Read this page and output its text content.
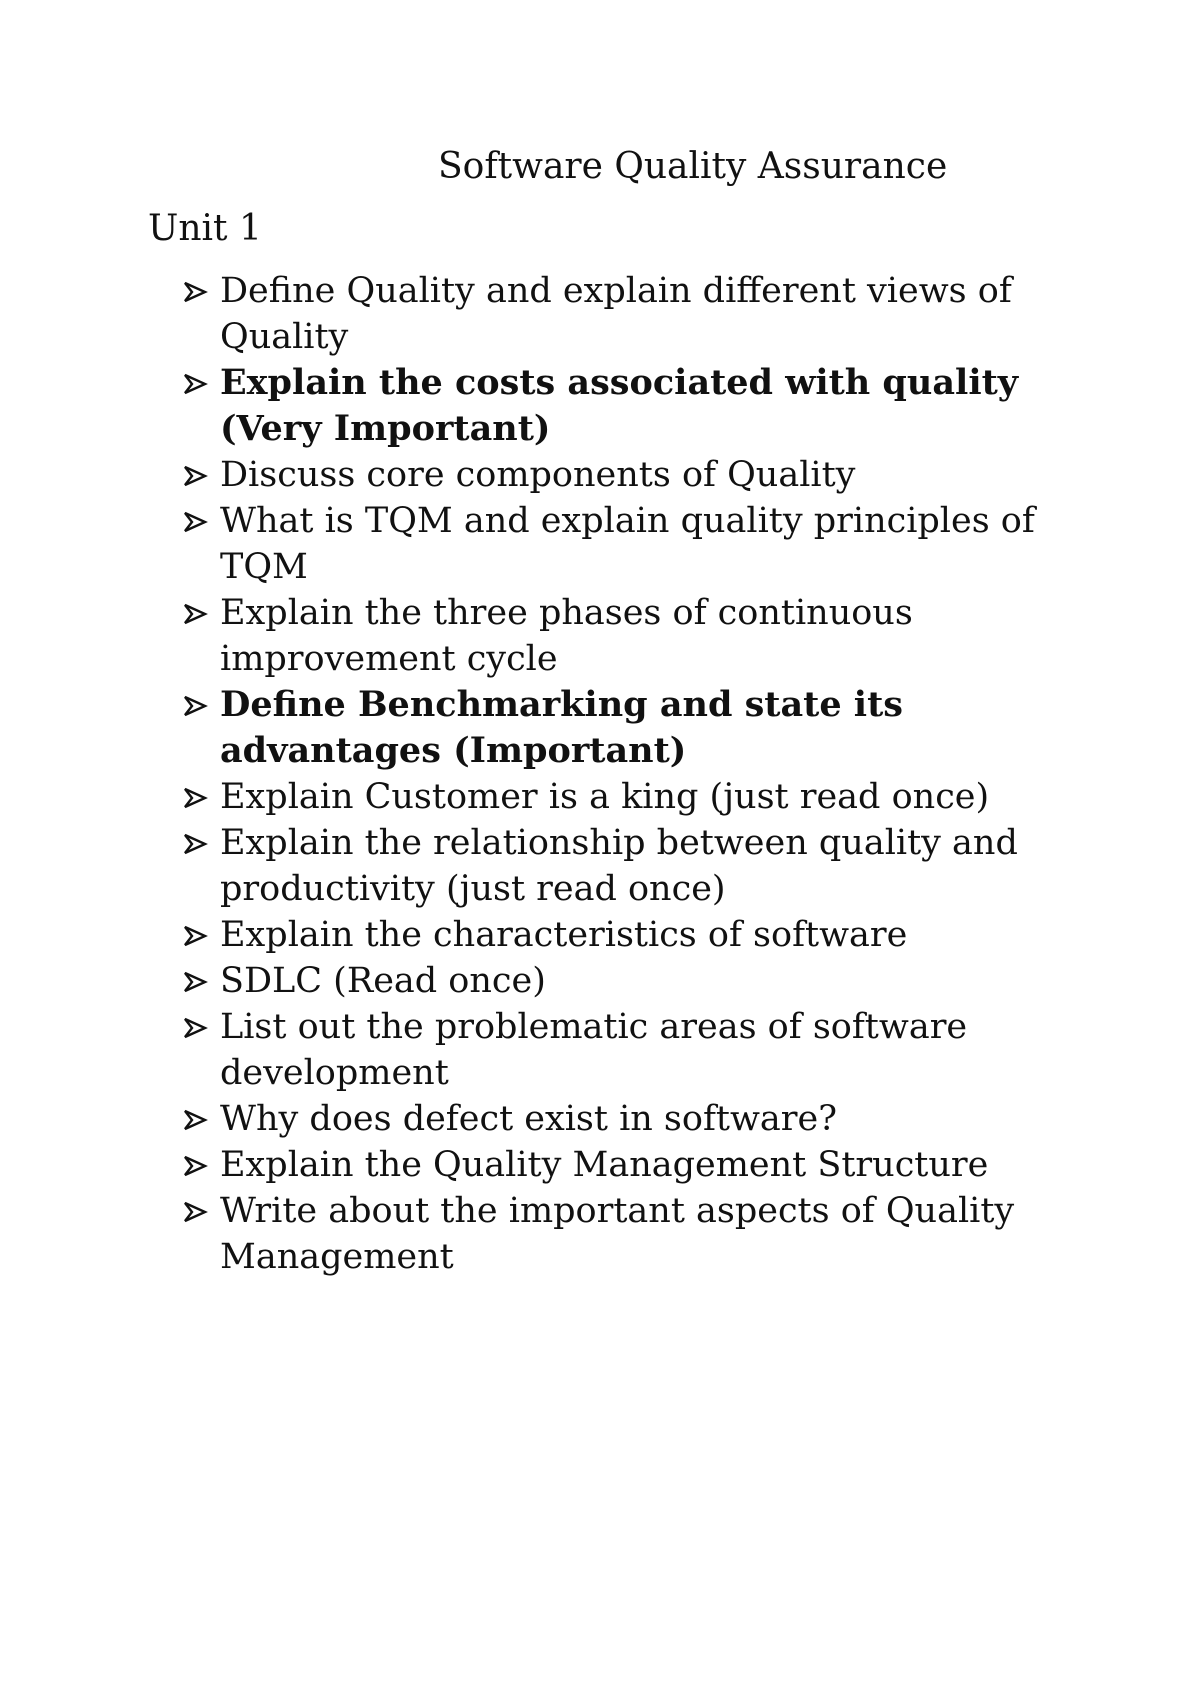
Software Quality Assurance
Unit 1
Define Quality and explain different views of Quality
Explain the costs associated with quality (Very Important)
Discuss core components of Quality
What is TQM and explain quality principles of TQM
Explain the three phases of continuous improvement cycle
Define Benchmarking and state its advantages (Important)
Explain Customer is a king (just read once)
Explain the relationship between quality and productivity (just read once)
Explain the characteristics of software
SDLC (Read once)
List out the problematic areas of software development
Why does defect exist in software?
Explain the Quality Management Structure
Write about the important aspects of Quality Management
